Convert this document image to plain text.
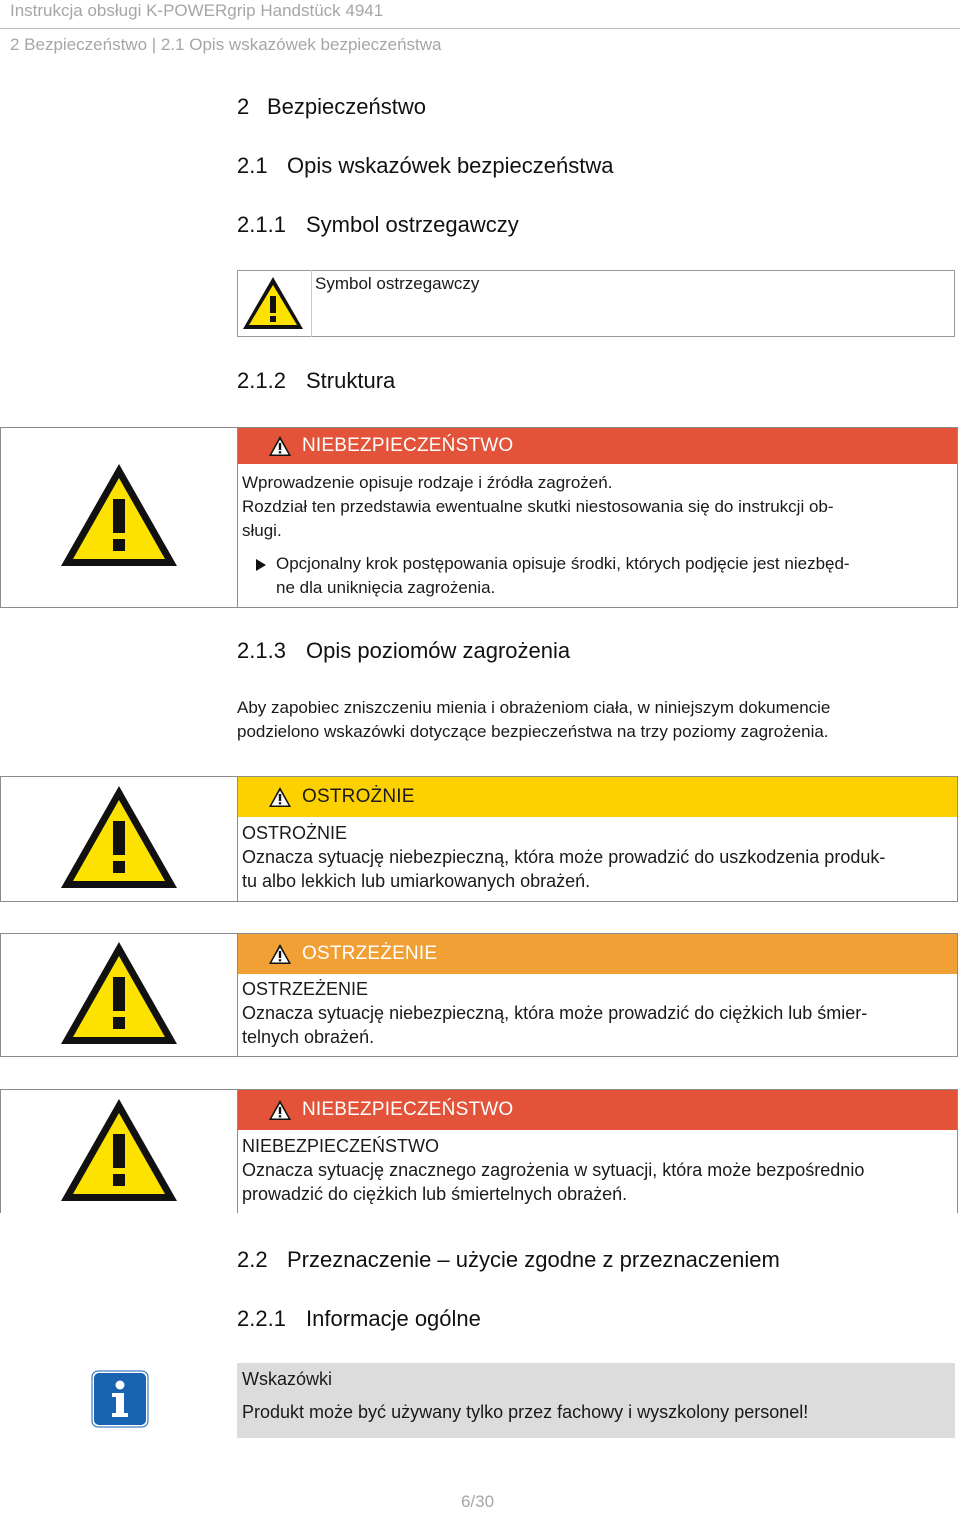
Instrukcja obsługi K-POWERgrip Handstück 4941
2 Bezpieczeństwo | 2.1 Opis wskazówek bezpieczeństwa
2 Bezpieczeństwo
2.1 Opis wskazówek bezpieczeństwa
2.1.1 Symbol ostrzegawczy
Symbol ostrzegawczy
2.1.2 Struktura
NIEBEZPIECZEŃSTWO
Wprowadzenie opisuje rodzaje i źródła zagrożeń.
Rozdział ten przedstawia ewentualne skutki niestosowania się do instrukcji ob-
sługi.
Opcjonalny krok postępowania opisuje środki, których podjęcie jest niezbęd-
ne dla uniknięcia zagrożenia.
2.1.3 Opis poziomów zagrożenia
Aby zapobiec zniszczeniu mienia i obrażeniom ciała, w niniejszym dokumencie
podzielono wskazówki dotyczące bezpieczeństwa na trzy poziomy zagrożenia.
OSTROŻNIE
OSTROŻNIE
Oznacza sytuację niebezpieczną, która może prowadzić do uszkodzenia produk-
tu albo lekkich lub umiarkowanych obrażeń.
OSTRZEŻENIE
OSTRZEŻENIE
Oznacza sytuację niebezpieczną, która może prowadzić do ciężkich lub śmier-
telnych obrażeń.
NIEBEZPIECZEŃSTWO
NIEBEZPIECZEŃSTWO
Oznacza sytuację znacznego zagrożenia w sytuacji, która może bezpośrednio
prowadzić do ciężkich lub śmiertelnych obrażeń.
2.2 Przeznaczenie – użycie zgodne z przeznaczeniem
2.2.1 Informacje ogólne
Wskazówki
Produkt może być używany tylko przez fachowy i wyszkolony personel!
6/30
